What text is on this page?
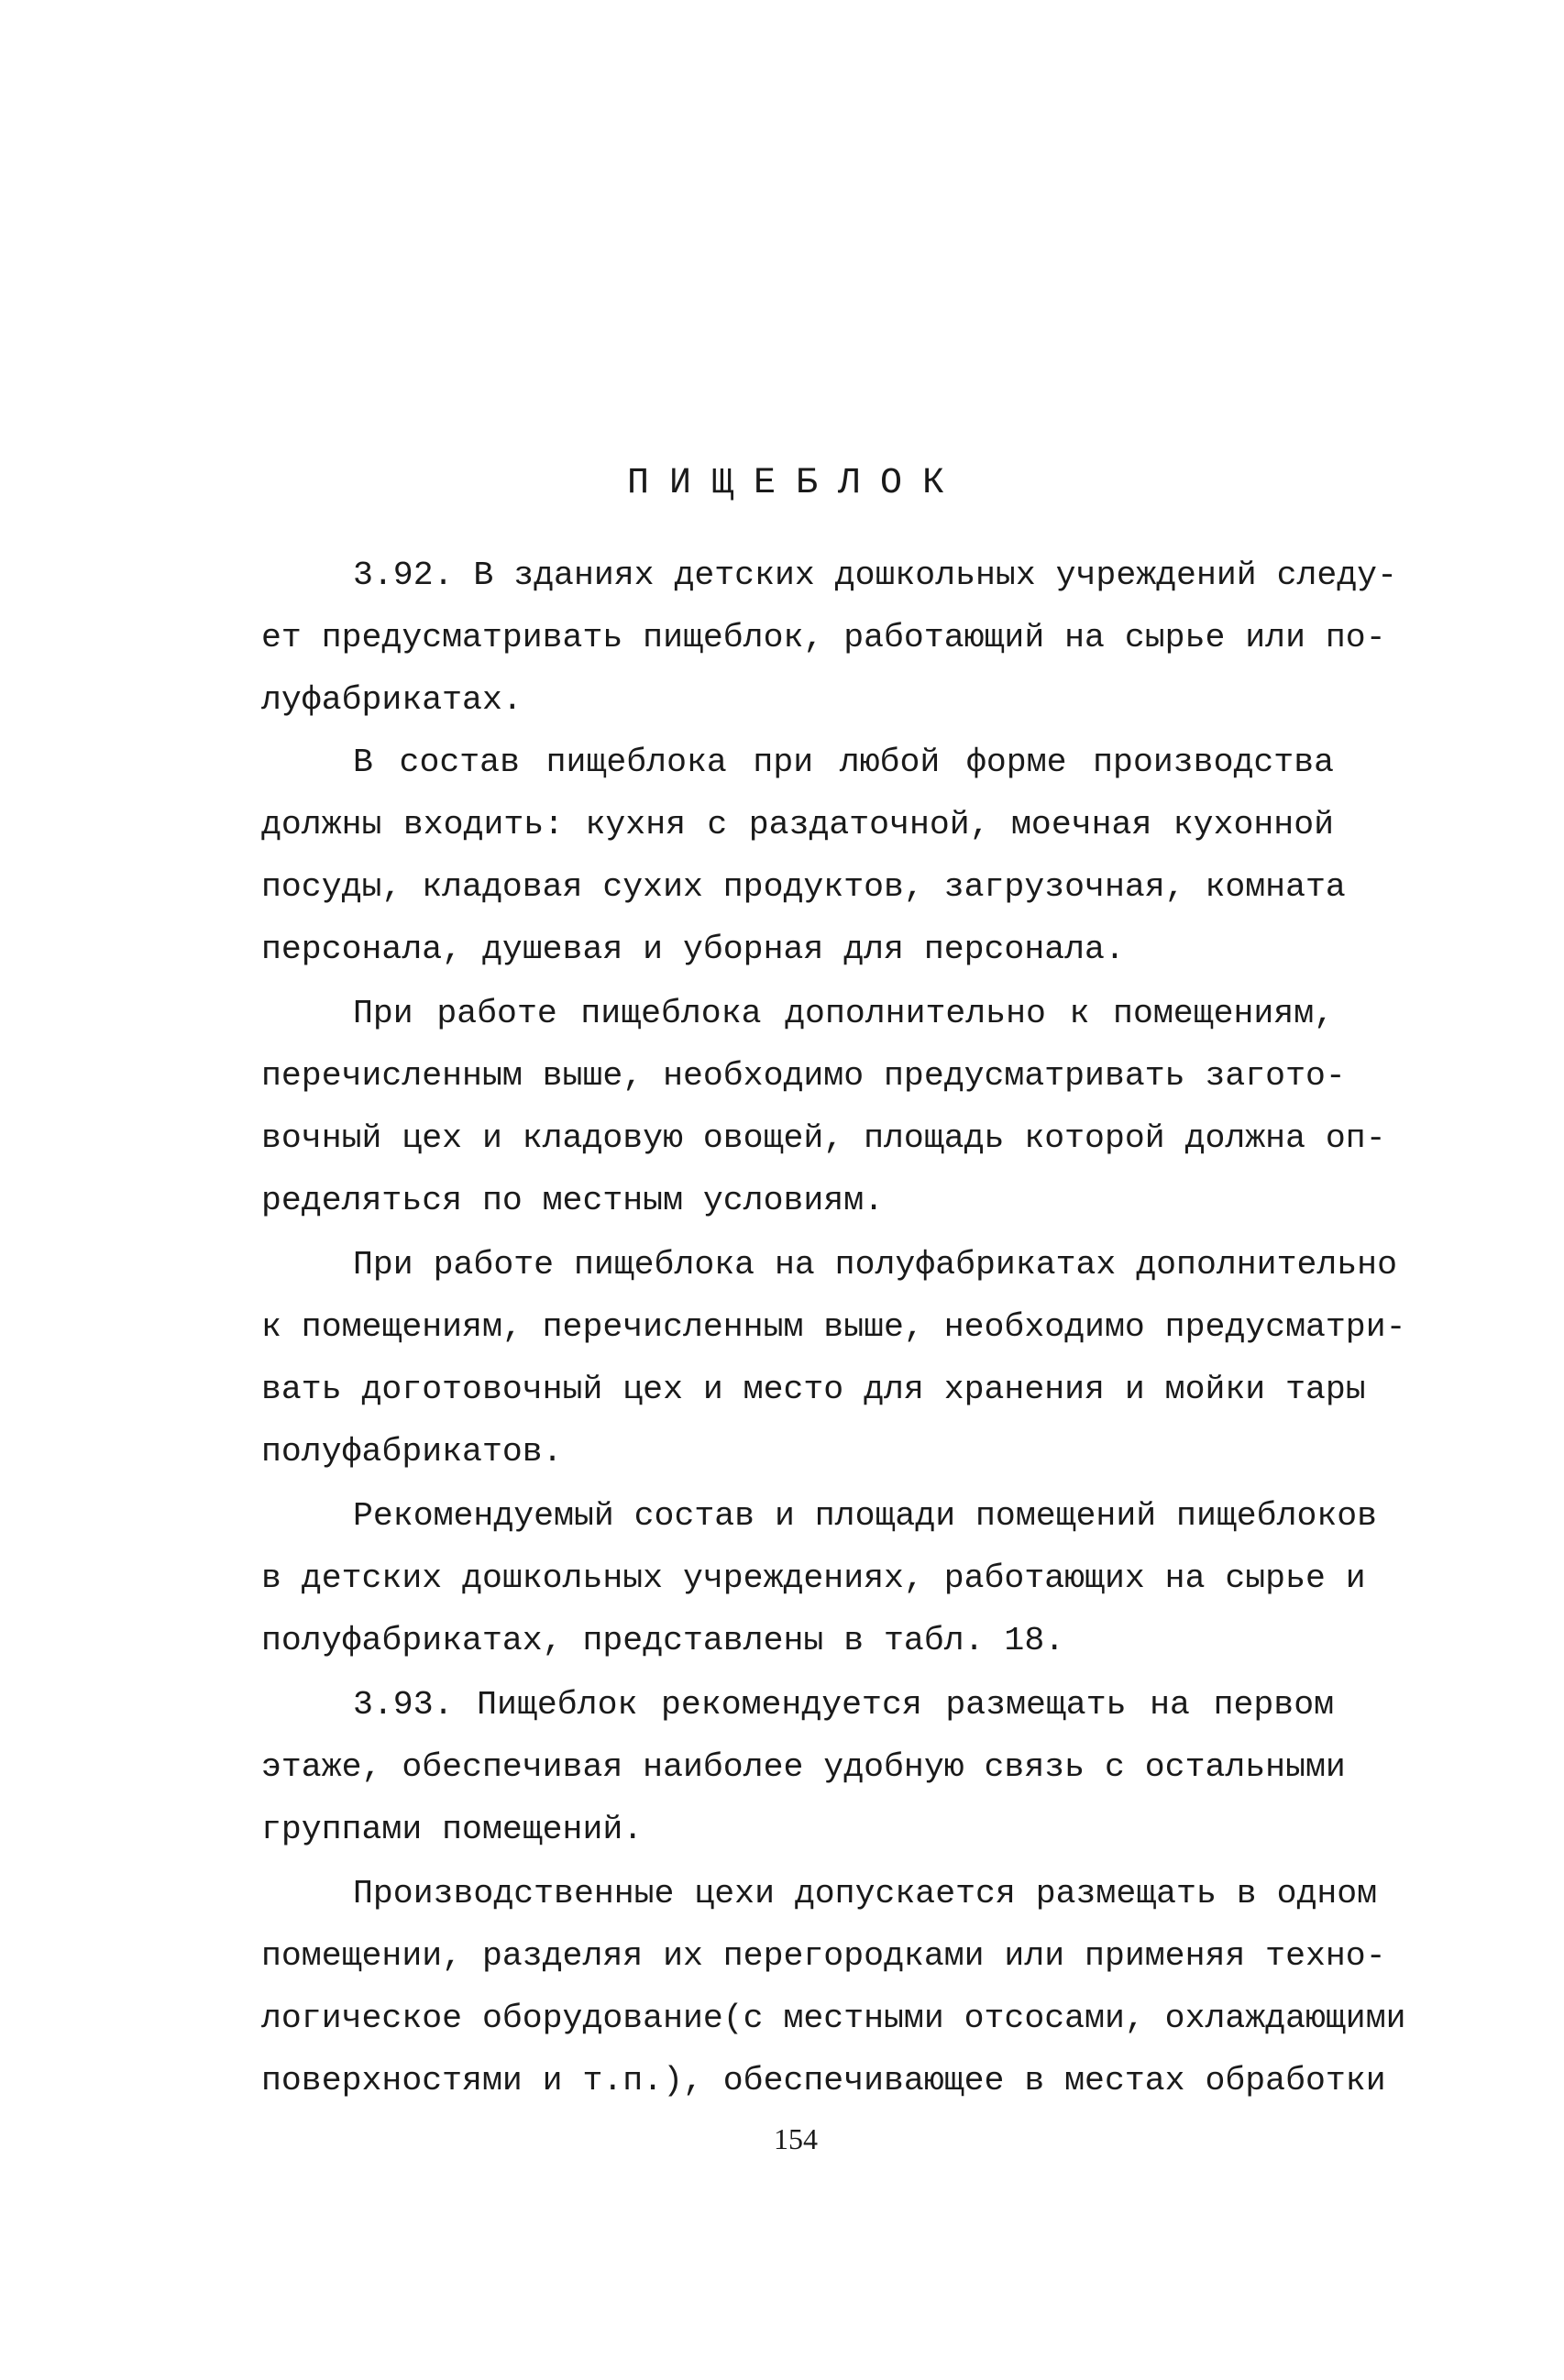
ПИЩЕБЛОК
3.92. В зданиях детских дошкольных учреждений следу-
ет предусматривать пищеблок, работающий на сырье или по-
луфабрикатах.
В состав пищеблока при любой форме производства
должны входить: кухня с раздаточной, моечная кухонной
посуды, кладовая сухих продуктов, загрузочная, комната
персонала, душевая и уборная для персонала.
При работе пищеблока дополнительно к помещениям,
перечисленным выше, необходимо предусматривать загото-
вочный цех и кладовую овощей, площадь которой должна оп-
ределяться по местным условиям.
При работе пищеблока на полуфабрикатах дополнительно
к помещениям, перечисленным выше, необходимо предусматри-
вать доготовочный цех и место для хранения и мойки тары
полуфабрикатов.
Рекомендуемый состав и площади помещений пищеблоков
в детских дошкольных учреждениях, работающих на сырье и
полуфабрикатах, представлены в табл. 18.
3.93. Пищеблок рекомендуется размещать на первом
этаже, обеспечивая наиболее удобную связь с остальными
группами помещений.
Производственные цехи допускается размещать в одном
помещении, разделяя их перегородками или применяя техно-
логическое оборудование(с местными отсосами, охлаждающими
поверхностями и т.п.), обеспечивающее в местах обработки
154
